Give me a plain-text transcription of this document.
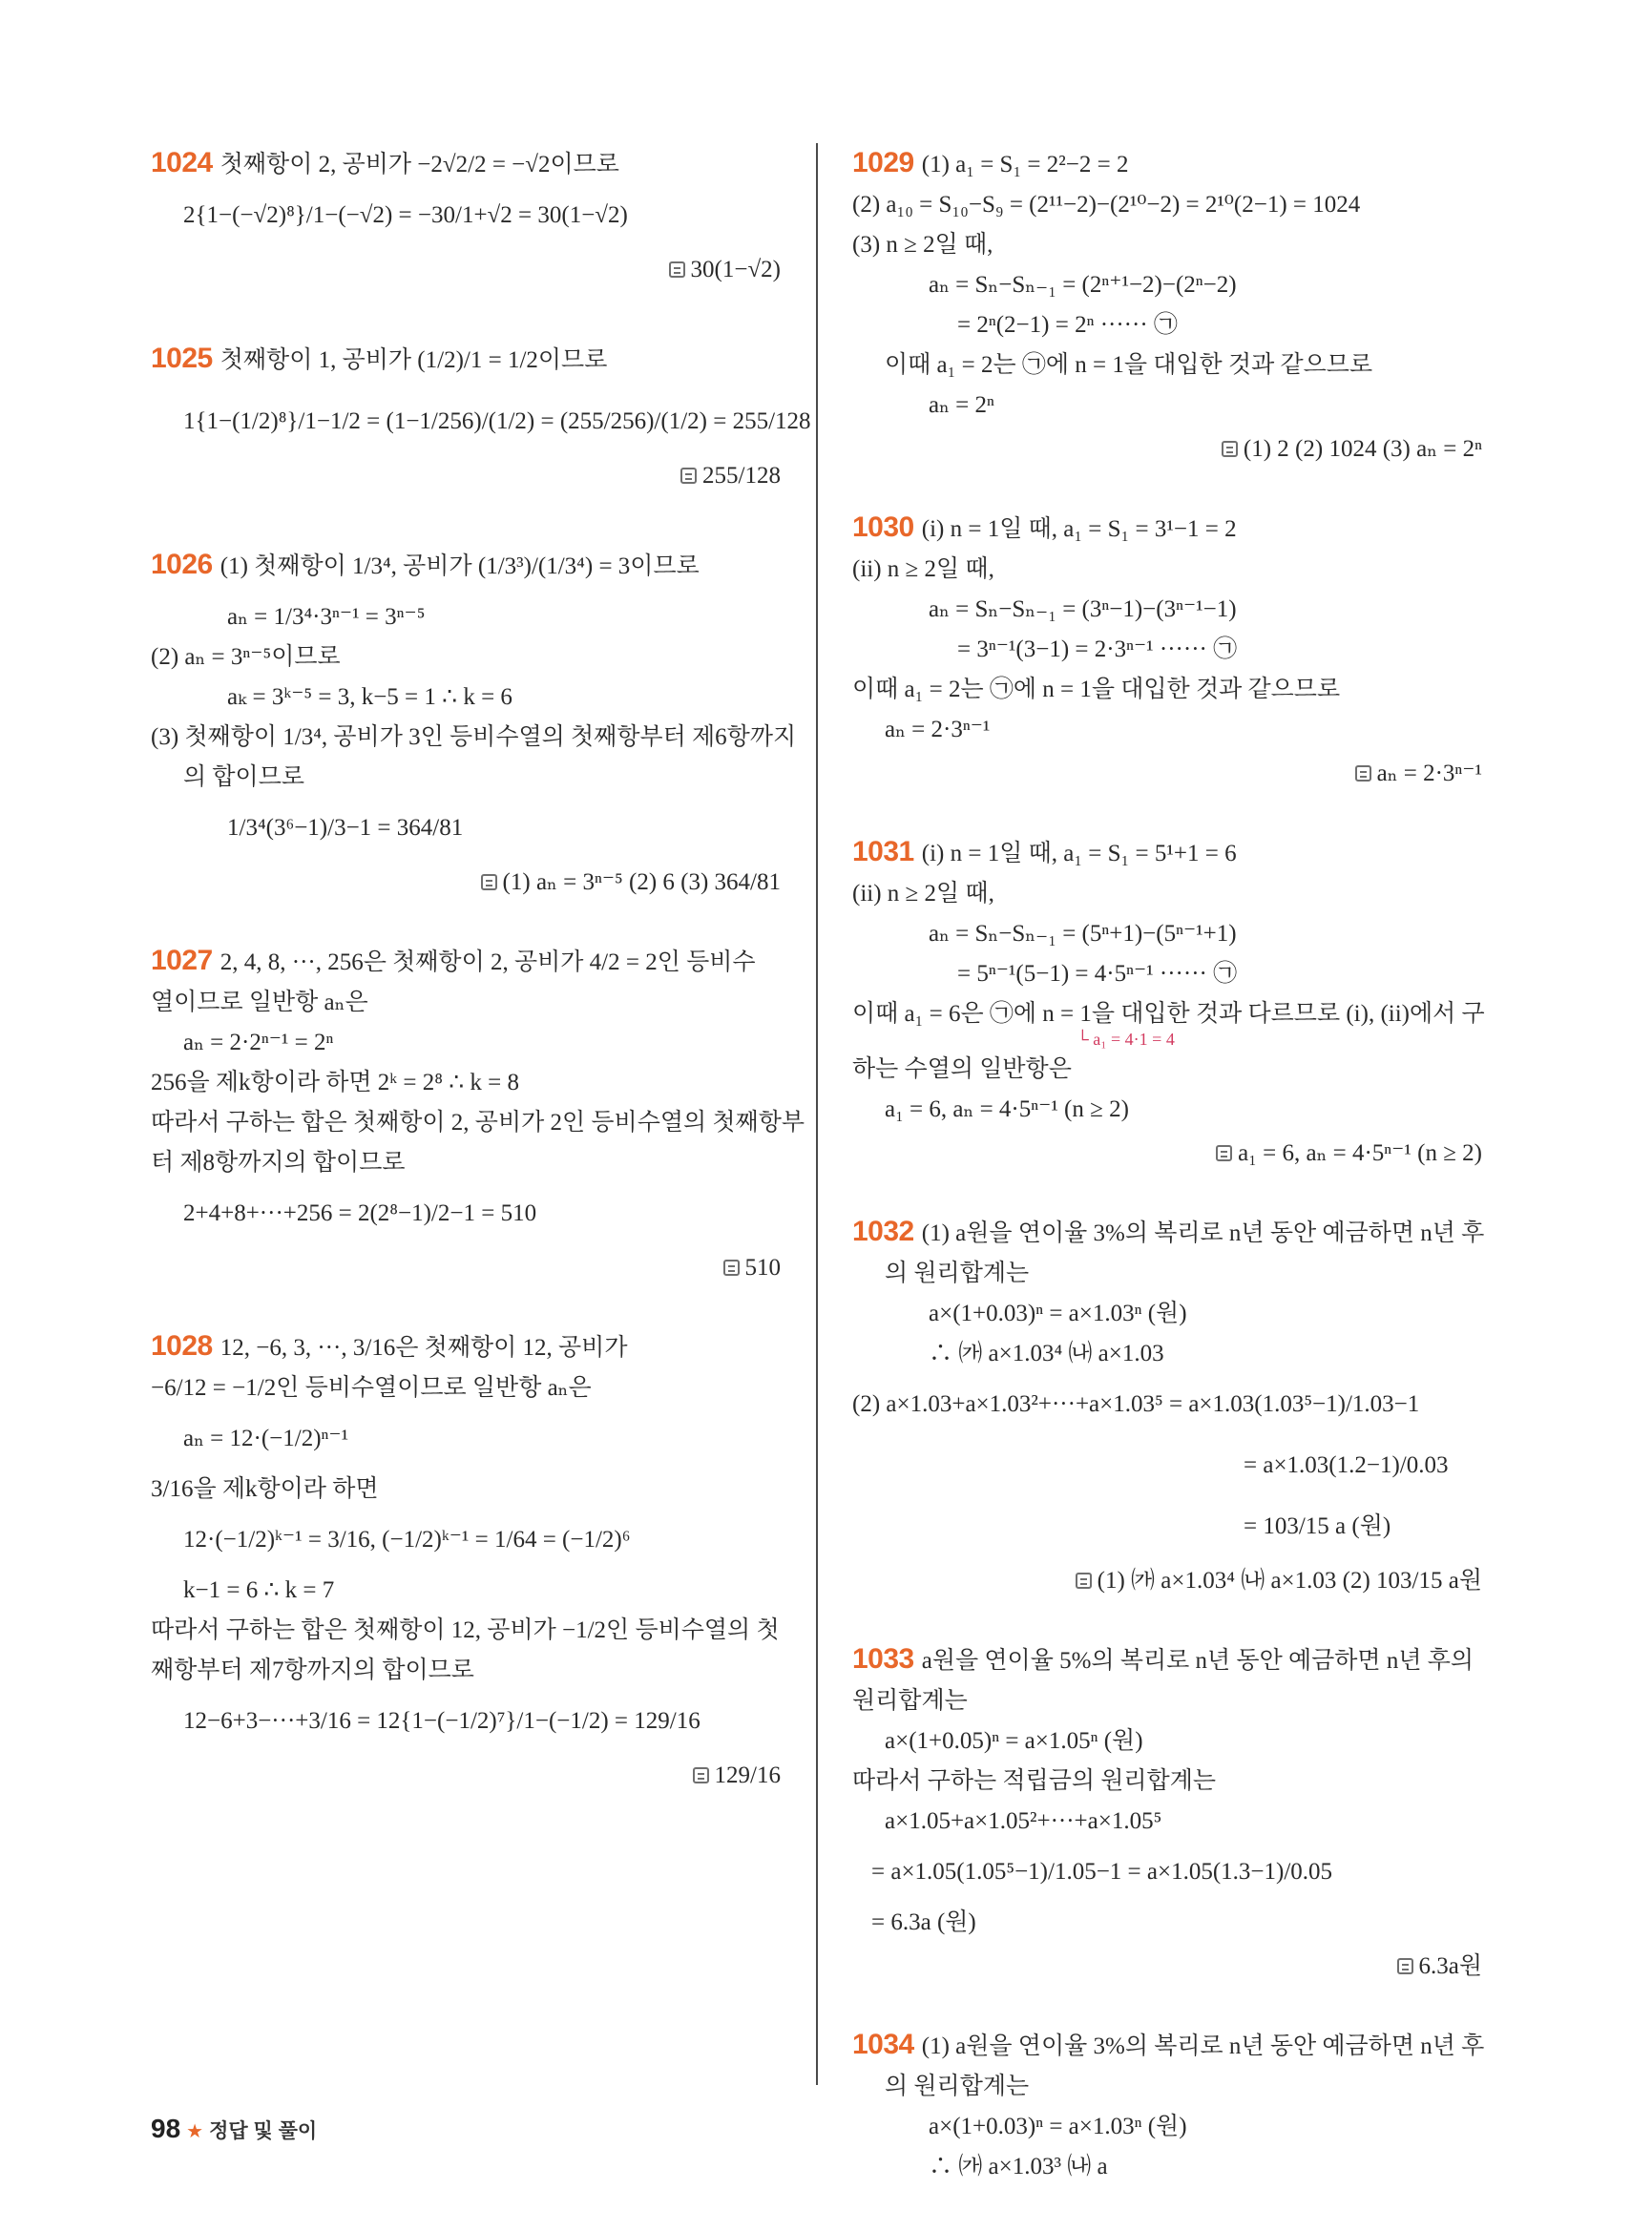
1024 첫째항이 2, 공비가 −2√2/2 = −√2이므로
2{1−(−√2)⁸}/1−(−√2) = −30/1+√2 = 30(1−√2)
30(1−√2)
1025 첫째항이 1, 공비가 (1/2)/1 = 1/2이므로
1{1−(1/2)⁸}/1−1/2 = (1−1/256)/(1/2) = (255/256)/(1/2) = 255/128
255/128
1026 (1) 첫째항이 1/3⁴, 공비가 (1/3³)/(1/3⁴) = 3이므로
aₙ = 1/3⁴·3ⁿ⁻¹ = 3ⁿ⁻⁵
(2) aₙ = 3ⁿ⁻⁵이므로
aₖ = 3ᵏ⁻⁵ = 3, k−5 = 1 ∴ k = 6
(3) 첫째항이 1/3⁴, 공비가 3인 등비수열의 첫째항부터 제6항까지
의 합이므로
1/3⁴(3⁶−1)/3−1 = 364/81
(1) aₙ = 3ⁿ⁻⁵ (2) 6 (3) 364/81
1027 2, 4, 8, ···, 256은 첫째항이 2, 공비가 4/2 = 2인 등비수
열이므로 일반항 aₙ은
aₙ = 2·2ⁿ⁻¹ = 2ⁿ
256을 제k항이라 하면 2ᵏ = 2⁸ ∴ k = 8
따라서 구하는 합은 첫째항이 2, 공비가 2인 등비수열의 첫째항부
터 제8항까지의 합이므로
2+4+8+···+256 = 2(2⁸−1)/2−1 = 510
510
1028 12, −6, 3, ···, 3/16은 첫째항이 12, 공비가
−6/12 = −1/2인 등비수열이므로 일반항 aₙ은
aₙ = 12·(−1/2)ⁿ⁻¹
3/16을 제k항이라 하면
12·(−1/2)ᵏ⁻¹ = 3/16, (−1/2)ᵏ⁻¹ = 1/64 = (−1/2)⁶
k−1 = 6 ∴ k = 7
따라서 구하는 합은 첫째항이 12, 공비가 −1/2인 등비수열의 첫
째항부터 제7항까지의 합이므로
12−6+3−···+3/16 = 12{1−(−1/2)⁷}/1−(−1/2) = 129/16
129/16
1029 (1) a₁ = S₁ = 2²−2 = 2
(2) a₁₀ = S₁₀−S₉ = (2¹¹−2)−(2¹⁰−2) = 2¹⁰(2−1) = 1024
(3) n ≥ 2일 때,
aₙ = Sₙ−Sₙ₋₁ = (2ⁿ⁺¹−2)−(2ⁿ−2)
= 2ⁿ(2−1) = 2ⁿ ······ ㉠
이때 a₁ = 2는 ㉠에 n = 1을 대입한 것과 같으므로
aₙ = 2ⁿ
(1) 2 (2) 1024 (3) aₙ = 2ⁿ
1030 (i) n = 1일 때, a₁ = S₁ = 3¹−1 = 2
(ii) n ≥ 2일 때,
aₙ = Sₙ−Sₙ₋₁ = (3ⁿ−1)−(3ⁿ⁻¹−1)
= 3ⁿ⁻¹(3−1) = 2·3ⁿ⁻¹ ······ ㉠
이때 a₁ = 2는 ㉠에 n = 1을 대입한 것과 같으므로
aₙ = 2·3ⁿ⁻¹
aₙ = 2·3ⁿ⁻¹
1031 (i) n = 1일 때, a₁ = S₁ = 5¹+1 = 6
(ii) n ≥ 2일 때,
aₙ = Sₙ−Sₙ₋₁ = (5ⁿ+1)−(5ⁿ⁻¹+1)
= 5ⁿ⁻¹(5−1) = 4·5ⁿ⁻¹ ······ ㉠
이때 a₁ = 6은 ㉠에 n = 1을 대입한 것과 다르므로 (i), (ii)에서 구
└ a₁ = 4·1 = 4
하는 수열의 일반항은
a₁ = 6, aₙ = 4·5ⁿ⁻¹ (n ≥ 2)
a₁ = 6, aₙ = 4·5ⁿ⁻¹ (n ≥ 2)
1032 (1) a원을 연이율 3%의 복리로 n년 동안 예금하면 n년 후
의 원리합계는
a×(1+0.03)ⁿ = a×1.03ⁿ (원)
∴ ㈎ a×1.03⁴ ㈏ a×1.03
(2) a×1.03+a×1.03²+···+a×1.03⁵ = a×1.03(1.03⁵−1)/1.03−1
= a×1.03(1.2−1)/0.03
= 103/15 a (원)
(1) ㈎ a×1.03⁴ ㈏ a×1.03 (2) 103/15 a원
1033 a원을 연이율 5%의 복리로 n년 동안 예금하면 n년 후의
원리합계는
a×(1+0.05)ⁿ = a×1.05ⁿ (원)
따라서 구하는 적립금의 원리합계는
a×1.05+a×1.05²+···+a×1.05⁵
= a×1.05(1.05⁵−1)/1.05−1 = a×1.05(1.3−1)/0.05
= 6.3a (원)
6.3a원
1034 (1) a원을 연이율 3%의 복리로 n년 동안 예금하면 n년 후
의 원리합계는
a×(1+0.03)ⁿ = a×1.03ⁿ (원)
∴ ㈎ a×1.03³ ㈏ a
98 ★ 정답 및 풀이
